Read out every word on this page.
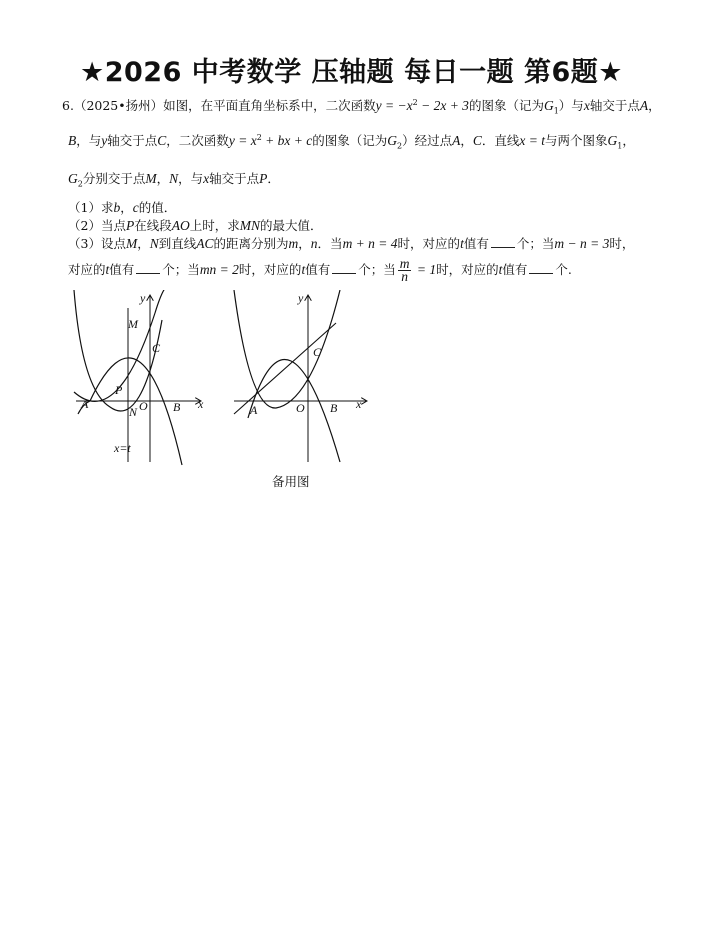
★2026 中考数学 压轴题 每日一题 第6题★
6.（2025•扬州）如图，在平面直角坐标系中，二次函数$y = -x^2 - 2x + 3$的图象（记为$G_1$）与x轴交于点A，
B，与y轴交于点C，二次函数$y = x^2$ + bx + c的图象（记为$G_2$）经过点A，C．直线x = t与两个图象$G_1$，
$G_2$分别交于点M，N，与x轴交于点P．
（1）求b，c的值．
（2）当点P在线段AO上时，求MN的最大值．
（3）设点M，N到直线AC的距离分别为m，n．当m + n = 4时，对应的t值有 个；当m − n = 3时，
对应的t值有 个；当mn = 2时，对应的t值有 个；当 $\frac{m}{n} = 1$时，对应的t值有 个.
M
C
P
A	O B
N
x
y
x=t
C
A	O B x
y
备用图
